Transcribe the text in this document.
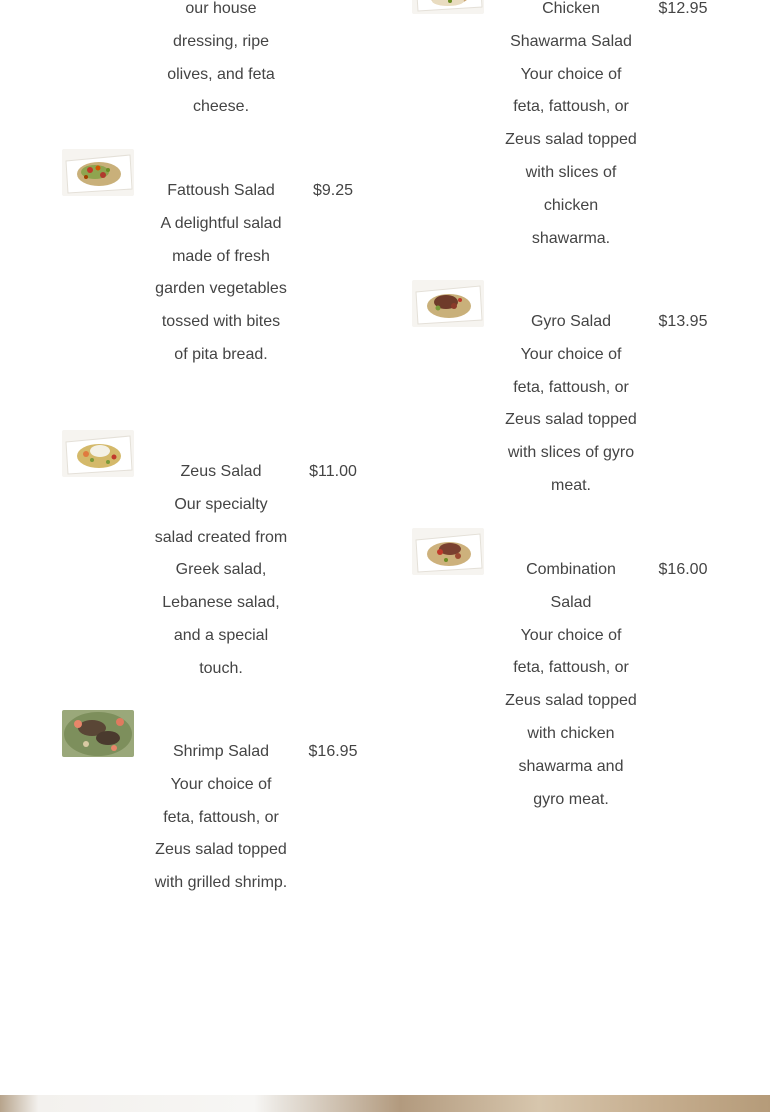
our house dressing, ripe olives, and feta cheese.
Fattoush Salad
A delightful salad made of fresh garden vegetables tossed with bites of pita bread.
$9.25
Zeus Salad
Our specialty salad created from Greek salad, Lebanese salad, and a special touch.
$11.00
Shrimp Salad
Your choice of feta, fattoush, or Zeus salad topped with grilled shrimp.
$16.95
Chicken Shawarma Salad
Your choice of feta, fattoush, or Zeus salad topped with slices of chicken shawarma.
$12.95
Gyro Salad
Your choice of feta, fattoush, or Zeus salad topped with slices of gyro meat.
$13.95
Combination Salad
Your choice of feta, fattoush, or Zeus salad topped with chicken shawarma and gyro meat.
$16.00
